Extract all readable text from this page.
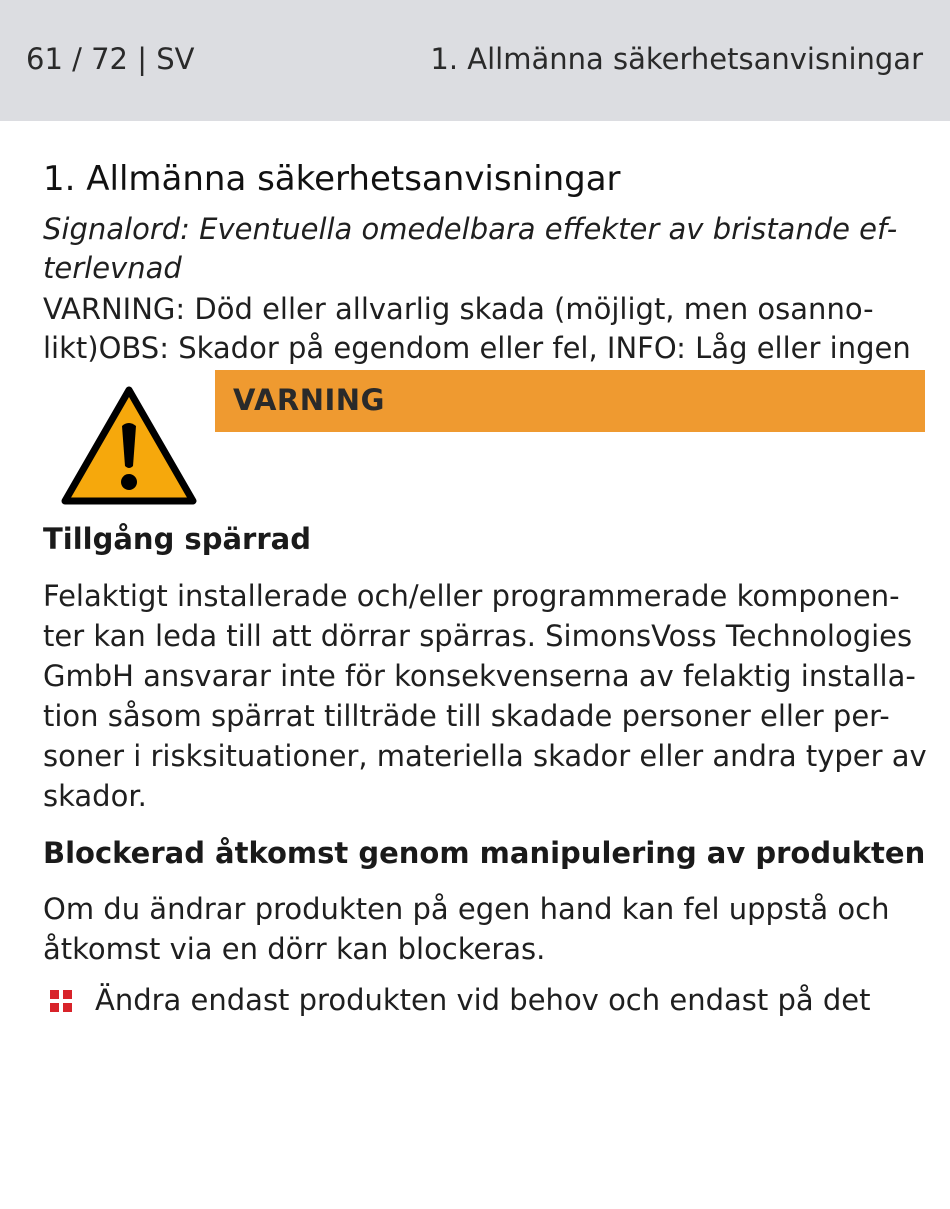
61 / 72 | SV	1. Allmänna säkerhetsanvisningar
1. Allmänna säkerhetsanvisningar
Signalord: Eventuella omedelbara effekter av bristande ef-
terlevnad
VARNING: Död eller allvarlig skada (möjligt, men osanno-
likt)OBS: Skador på egendom eller fel, INFO: Låg eller ingen
VARNING
Tillgång spärrad
Felaktigt installerade och/eller programmerade komponen-
ter kan leda till att dörrar spärras. SimonsVoss Technologies
GmbH ansvarar inte för konsekvenserna av felaktig installa-
tion såsom spärrat tillträde till skadade personer eller per-
soner i risksituationer, materiella skador eller andra typer av
skador.
Blockerad åtkomst genom manipulering av produkten
Om du ändrar produkten på egen hand kan fel uppstå och
åtkomst via en dörr kan blockeras.
Ändra endast produkten vid behov och endast på det
